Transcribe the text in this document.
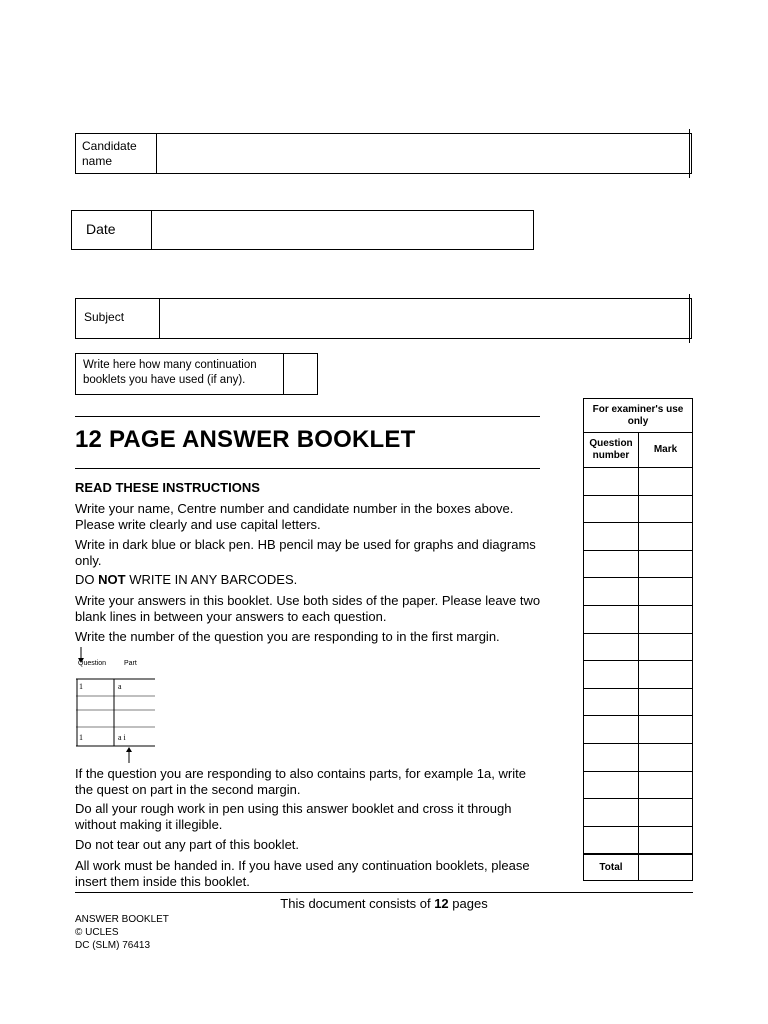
Candidate name
Date
Subject
Write here how many continuation booklets you have used (if any).
12 PAGE ANSWER BOOKLET
READ THESE INSTRUCTIONS
Write your name, Centre number and candidate number in the boxes above. Please write clearly and use capital letters.
Write in dark blue or black pen. HB pencil may be used for graphs and diagrams only.
DO NOT WRITE IN ANY BARCODES.
Write your answers in this booklet. Use both sides of the paper. Please leave two blank lines in between your answers to each question.
Write the number of the question you are responding to in the first margin.
Question	Part
1	a
1	a i
If the question you are responding to also contains parts, for example 1a, write the quest on part in the second margin.
Do all your rough work in pen using this answer booklet and cross it through without making it illegible.
Do not tear out any part of this booklet.
All work must be handed in. If you have used any continuation booklets, please insert them inside this booklet.
For examiner's use only	
Question number	Mark

Total	
This document consists of 12 pages
ANSWER BOOKLET
© UCLES
DC (SLM) 76413
